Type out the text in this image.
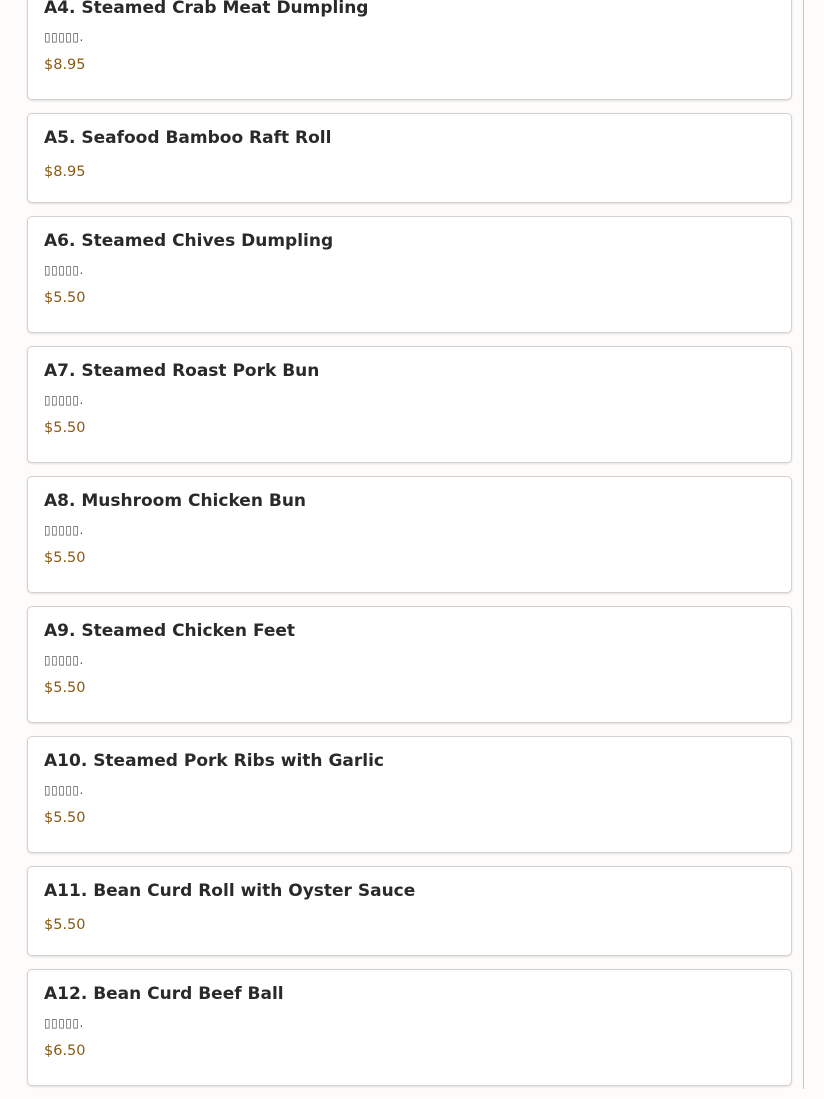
A4. Steamed Crab Meat Dumpling
▯▯▯▯▯.
$8.95
A5. Seafood Bamboo Raft Roll
$8.95
A6. Steamed Chives Dumpling
▯▯▯▯▯.
$5.50
A7. Steamed Roast Pork Bun
▯▯▯▯▯.
$5.50
A8. Mushroom Chicken Bun
▯▯▯▯▯.
$5.50
A9. Steamed Chicken Feet
▯▯▯▯▯.
$5.50
A10. Steamed Pork Ribs with Garlic
▯▯▯▯▯.
$5.50
A11. Bean Curd Roll with Oyster Sauce
$5.50
A12. Bean Curd Beef Ball
▯▯▯▯▯.
$6.50
